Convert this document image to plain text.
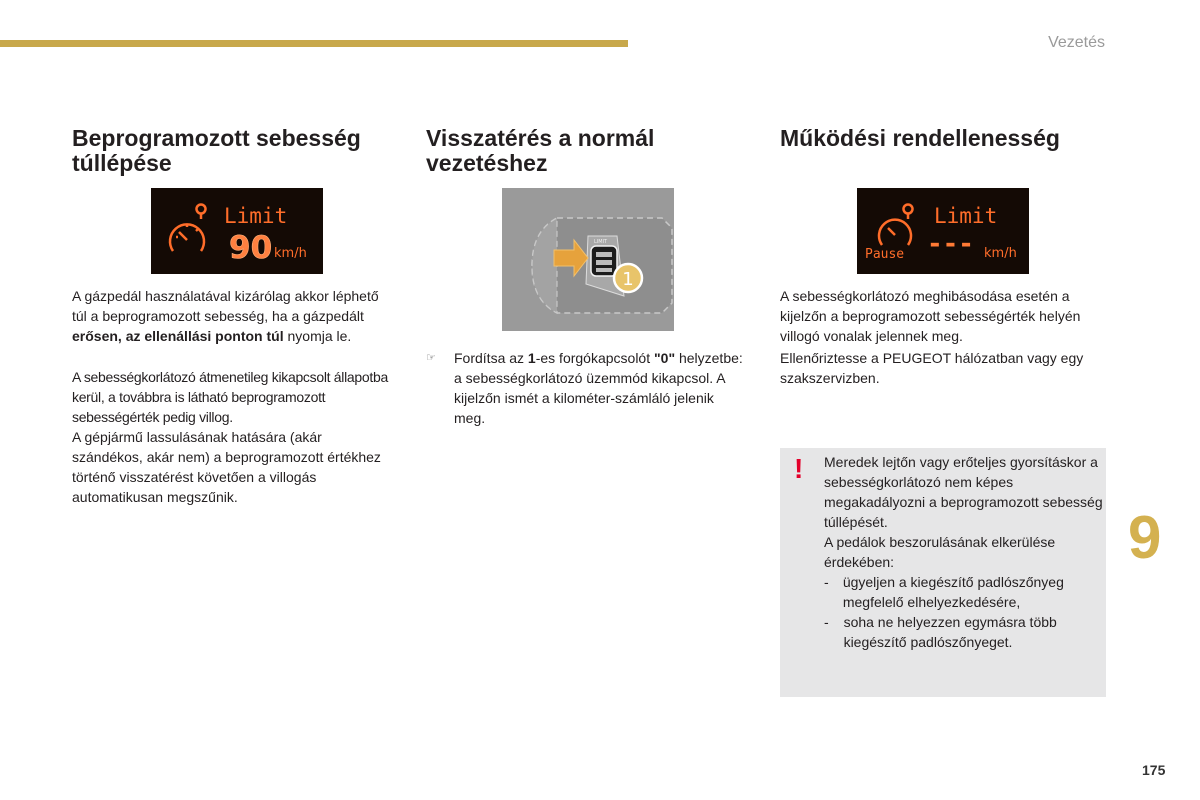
Vezetés
Beprogramozott sebesség
túllépése
Limit
90 km/h

A gázpedál használatával kizárólag akkor léphető túl a beprogramozott sebesség, ha a gázpedált erősen, az ellenállási ponton túl nyomja le.

A sebességkorlátozó átmenetileg kikapcsolt állapotba kerül, a továbbra is látható beprogramozott sebességérték pedig villog.

A gépjármű lassulásának hatására (akár szándékos, akár nem) a beprogramozott értékhez történő visszatérést követően a villogás automatikusan megszűnik.

Visszatérés a normál
vezetéshez
LIMIT
1
☞	Fordítsa az 1-es forgókapcsolót "0" helyzetbe: a sebességkorlátozó üzemmód kikapcsol. A kijelzőn ismét a kilométer-számláló jelenik meg.

Működési rendellenesség
Pause
Limit
--- km/h

A sebességkorlátozó meghibásodása esetén a kijelzőn a beprogramozott sebességérték helyén villogó vonalak jelennek meg.

Ellenőriztesse a PEUGEOT hálózatban vagy egy szakszervizben.

! Meredek lejtőn vagy erőteljes gyorsításkor a sebességkorlátozó nem képes megakadályozni a beprogramozott sebesség túllépését.

A pedálok beszorulásának elkerülése érdekében:

-	ügyeljen a kiegészítő padlószőnyeg megfelelő elhelyezkedésére,

-	soha ne helyezzen egymásra több kiegészítő padlószőnyeget.

9
175
